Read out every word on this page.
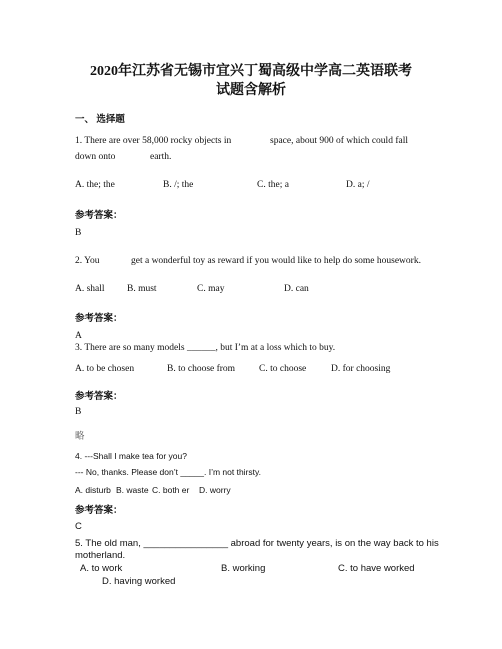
2020年江苏省无锡市宜兴丁蜀高级中学高二英语联考
试题含解析
一、 选择题
1. There are over 58,000 rocky objects in	space, about 900 of which could fall
down onto	earth.
A. the; the	B. /; the	C. the; a	D. a; /
参考答案：
B
2. You	get a wonderful toy as reward if you would like to help do some housework.
A. shall B. must	C. may	D. can
参考答案：
A
3. There are so many models ______, but I’m at a loss which to buy.
A. to be chosen	B. to choose from	C. to choose	D. for choosing
参考答案：
B
略
4. ---Shall I make tea for you?
--- No, thanks. Please don’t _____. I’m not thirsty.
A. disturb B. waste C. both er D. worry
参考答案：
C
5. The old man, ________________ abroad for twenty years, is on the way back to his
motherland.
A. to work	B. working	C. to have worked
D. having worked
